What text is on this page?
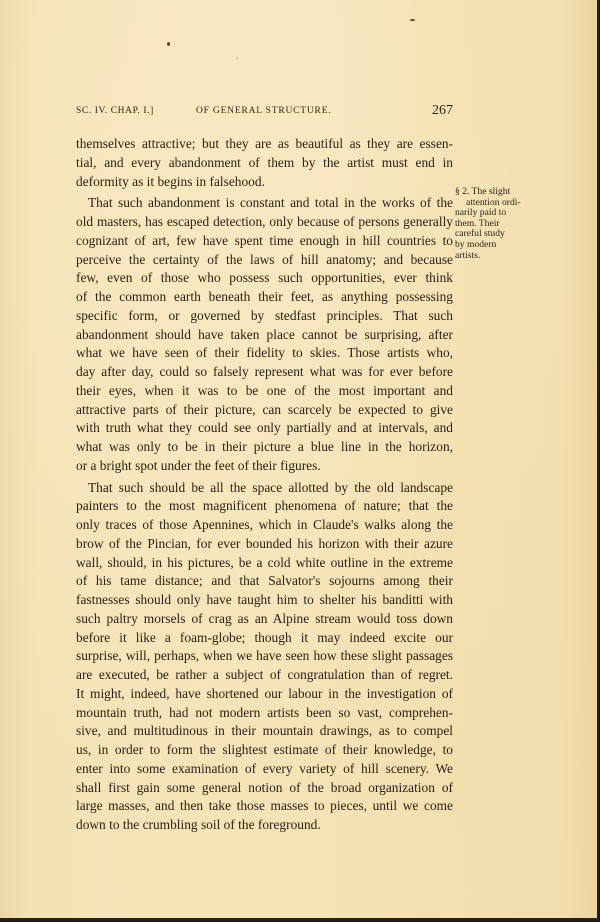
SC. IV. CHAP. I.]	OF GENERAL STRUCTURE.	267
themselves attractive; but they are as beautiful as they are essen-
tial, and every abandonment of them by the artist must end in
deformity as it begins in falsehood.
That such abandonment is constant and total in the works of the
old masters, has escaped detection, only because of persons generally
cognizant of art, few have spent time enough in hill countries to
perceive the certainty of the laws of hill anatomy; and because
few, even of those who possess such opportunities, ever think
of the common earth beneath their feet, as anything possessing
specific form, or governed by stedfast principles. That such
abandonment should have taken place cannot be surprising, after
what we have seen of their fidelity to skies. Those artists who,
day after day, could so falsely represent what was for ever before
their eyes, when it was to be one of the most important and
attractive parts of their picture, can scarcely be expected to give
with truth what they could see only partially and at intervals, and
what was only to be in their picture a blue line in the horizon,
or a bright spot under the feet of their figures.
That such should be all the space allotted by the old landscape
painters to the most magnificent phenomena of nature; that the
only traces of those Apennines, which in Claude's walks along the
brow of the Pincian, for ever bounded his horizon with their azure
wall, should, in his pictures, be a cold white outline in the extreme
of his tame distance; and that Salvator's sojourns among their
fastnesses should only have taught him to shelter his banditti with
such paltry morsels of crag as an Alpine stream would toss down
before it like a foam-globe; though it may indeed excite our
surprise, will, perhaps, when we have seen how these slight passages
are executed, be rather a subject of congratulation than of regret.
It might, indeed, have shortened our labour in the investigation of
mountain truth, had not modern artists been so vast, comprehen-
sive, and multitudinous in their mountain drawings, as to compel
us, in order to form the slightest estimate of their knowledge, to
enter into some examination of every variety of hill scenery. We
shall first gain some general notion of the broad organization of
large masses, and then take those masses to pieces, until we come
down to the crumbling soil of the foreground.
§ 2. The slight
attention ordi-
narily paid to
them. Their
careful study
by modern
artists.
